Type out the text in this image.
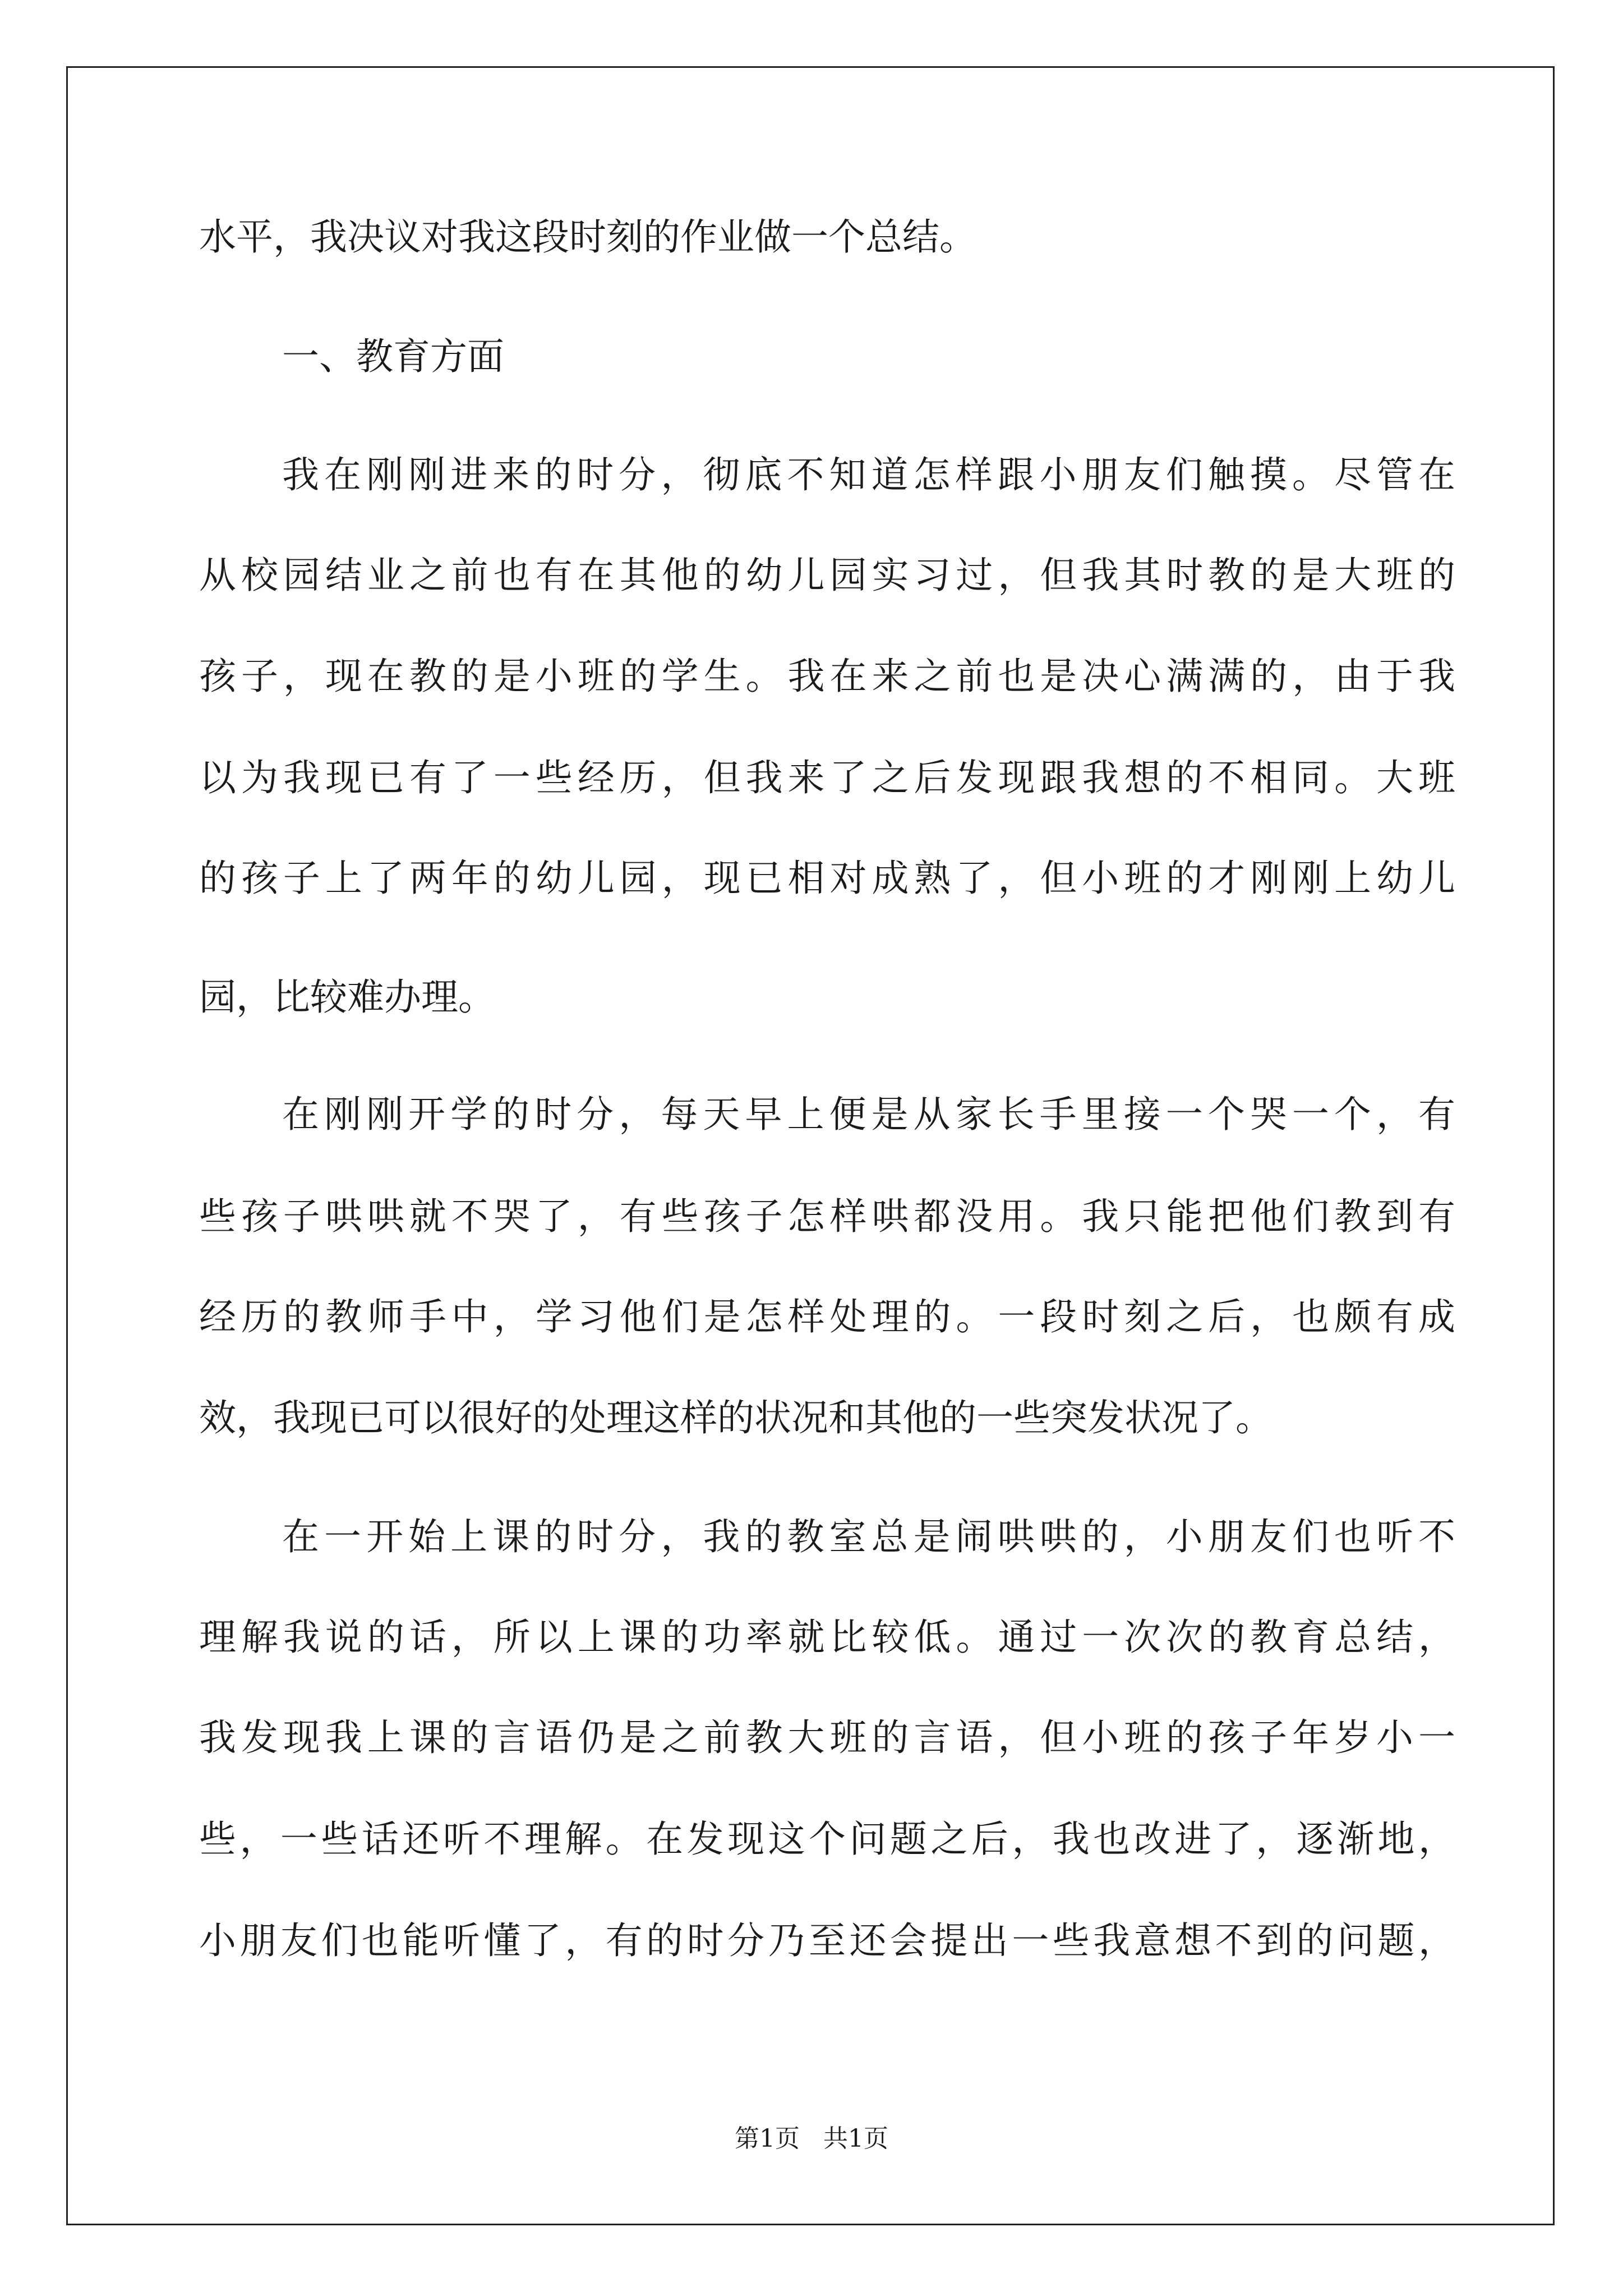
水平，我决议对我这段时刻的作业做一个总结。
一、教育方面
我在刚刚进来的时分，彻底不知道怎样跟小朋友们触摸。尽管在
从校园结业之前也有在其他的幼儿园实习过，但我其时教的是大班的
孩子，现在教的是小班的学生。我在来之前也是决心满满的，由于我
以为我现已有了一些经历，但我来了之后发现跟我想的不相同。大班
的孩子上了两年的幼儿园，现已相对成熟了，但小班的才刚刚上幼儿
园，比较难办理。
在刚刚开学的时分，每天早上便是从家长手里接一个哭一个，有
些孩子哄哄就不哭了，有些孩子怎样哄都没用。我只能把他们教到有
经历的教师手中，学习他们是怎样处理的。一段时刻之后，也颇有成
效，我现已可以很好的处理这样的状况和其他的一些突发状况了。
在一开始上课的时分，我的教室总是闹哄哄的，小朋友们也听不
理解我说的话，所以上课的功率就比较低。通过一次次的教育总结，
我发现我上课的言语仍是之前教大班的言语，但小班的孩子年岁小一
些，一些话还听不理解。在发现这个问题之后，我也改进了，逐渐地，
小朋友们也能听懂了，有的时分乃至还会提出一些我意想不到的问题，
第1页   共1页
